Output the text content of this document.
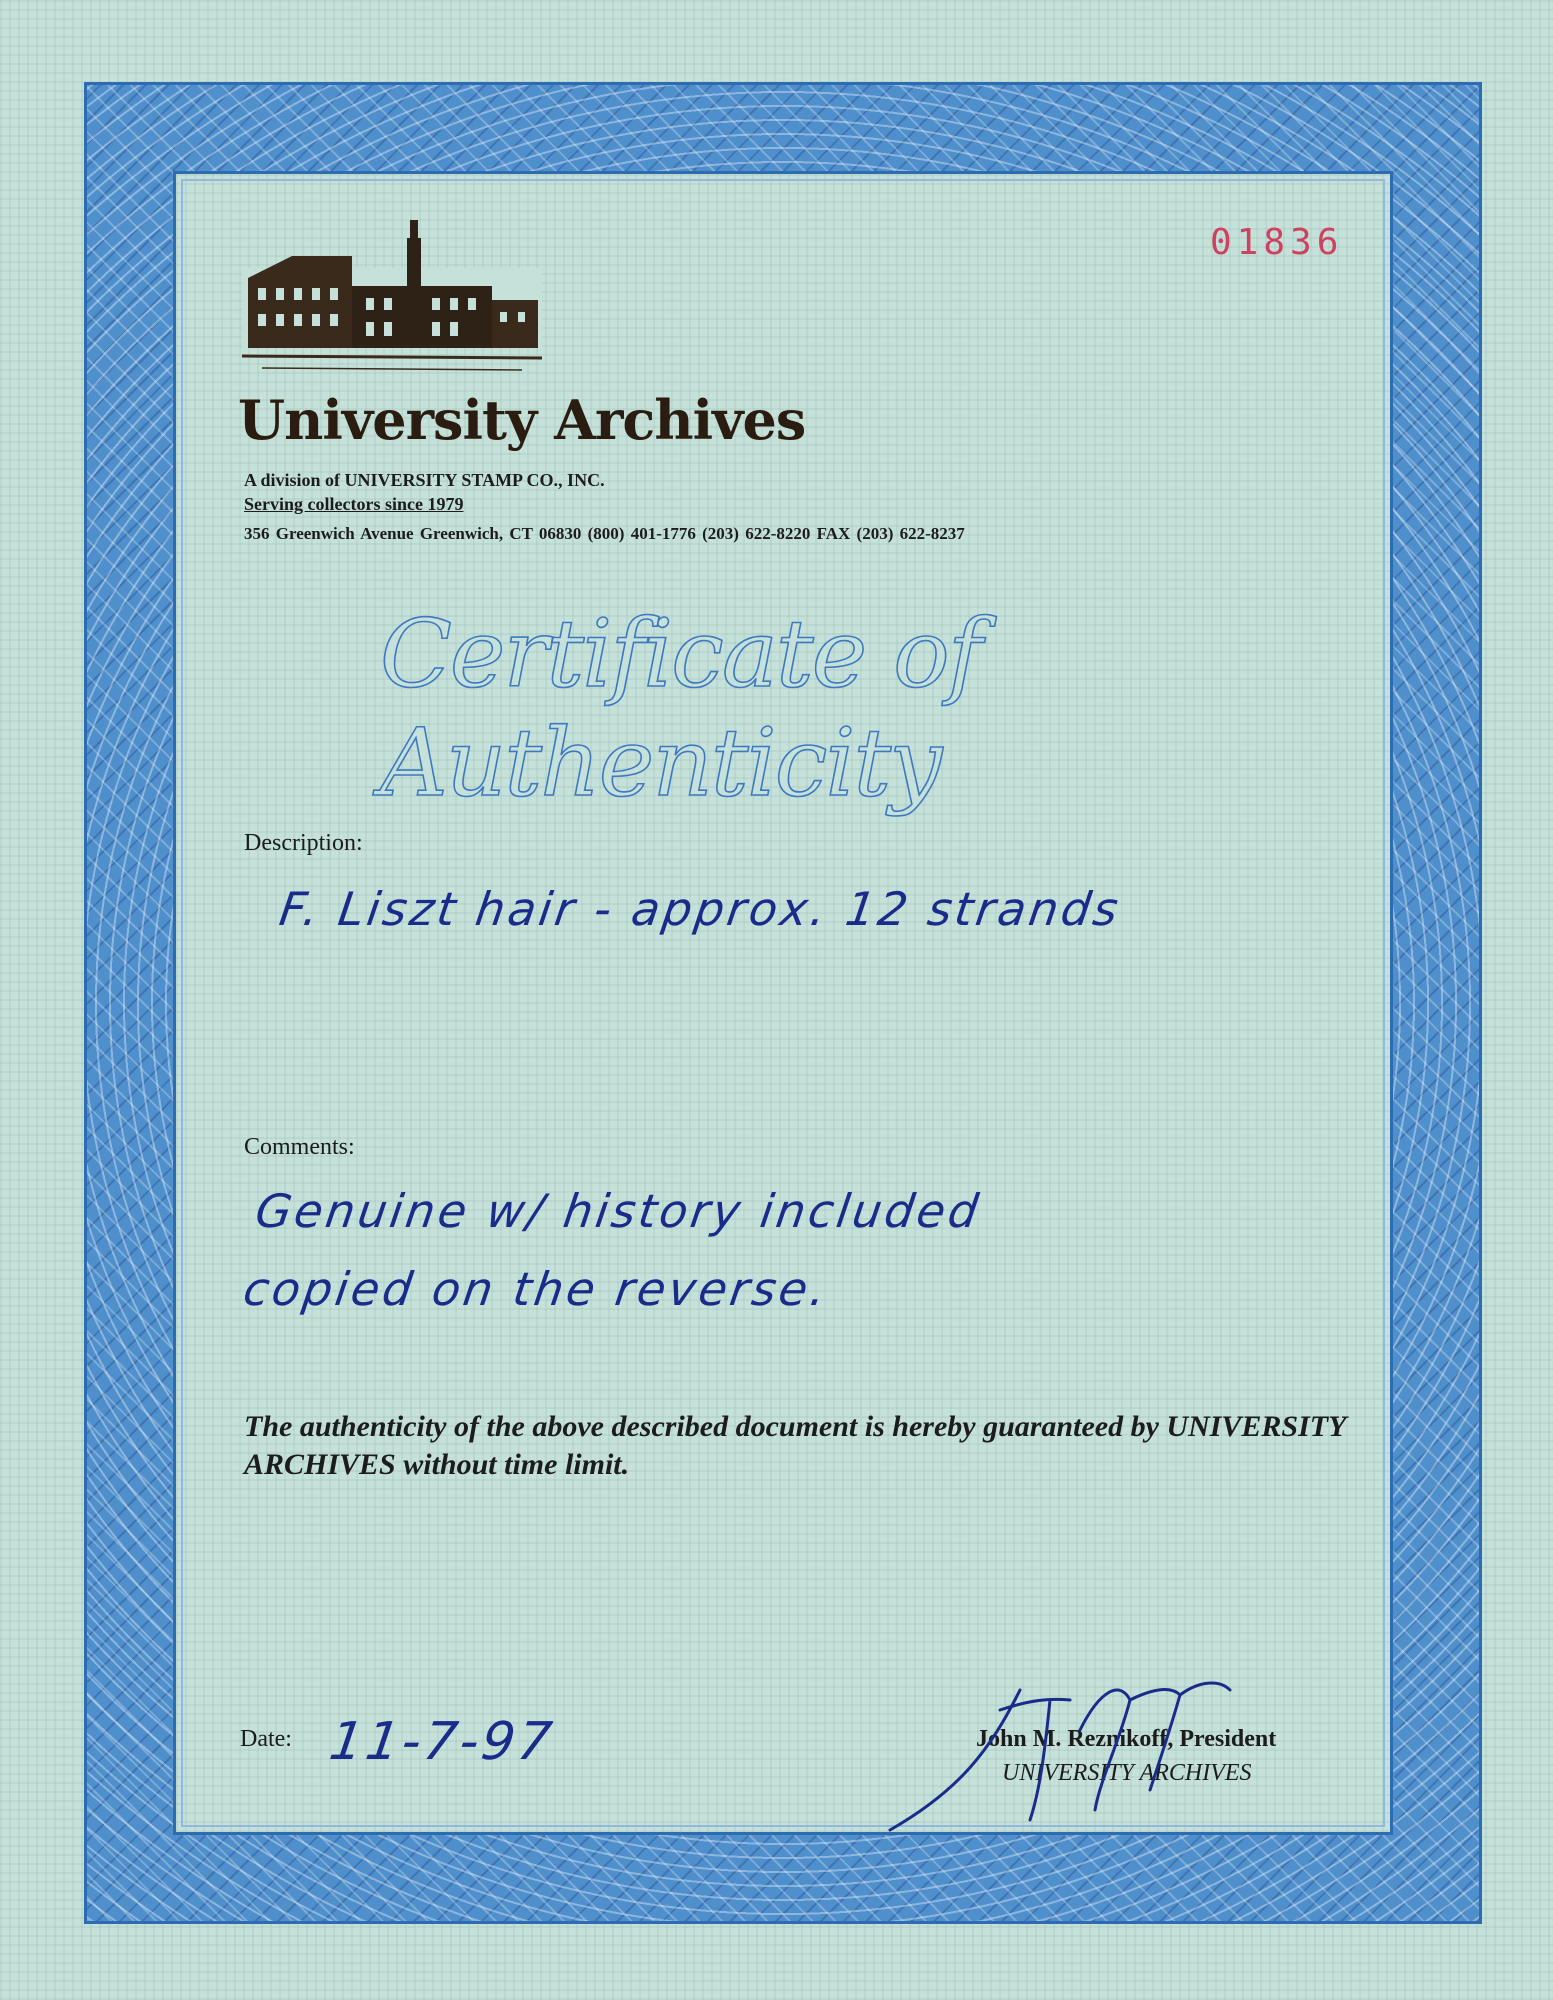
01836
University Archives
A division of UNIVERSITY STAMP CO., INC.
Serving collectors since 1979
356 Greenwich Avenue Greenwich, CT 06830 (800) 401-1776 (203) 622-8220 FAX (203) 622-8237
Certificate of Authenticity
Description:
F. Liszt hair - approx. 12 strands
Comments:
Genuine w/ history included
copied on the reverse.
The authenticity of the above described document is hereby guaranteed by UNIVERSITY ARCHIVES without time limit.
Date: 11-7-97	John M. Reznikoff, President
UNIVERSITY ARCHIVES
